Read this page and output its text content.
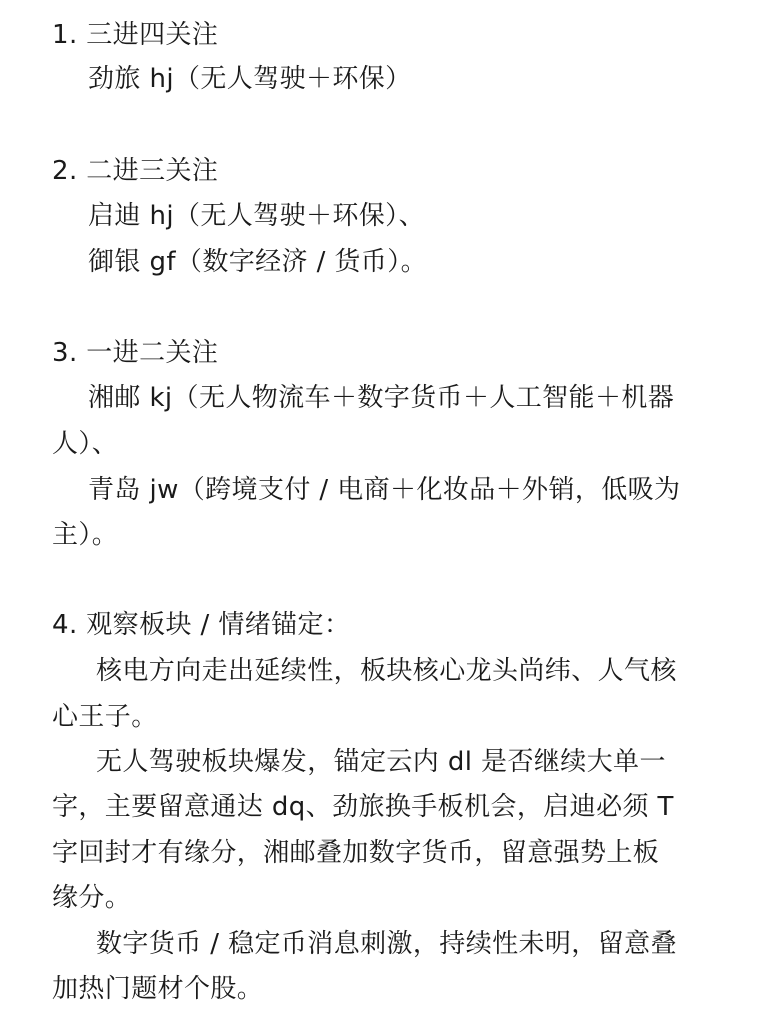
1. 三进四关注
劲旅 hj（无人驾驶＋环保）
2. 二进三关注
启迪 hj（无人驾驶＋环保）、
御银 gf（数字经济 / 货币）。
3. 一进二关注
湘邮 kj（无人物流车＋数字货币＋人工智能＋机器
人）、
青岛 jw（跨境支付 / 电商＋化妆品＋外销，低吸为
主）。
4. 观察板块 / 情绪锚定：
核电方向走出延续性，板块核心龙头尚纬、人气核
心王子。
无人驾驶板块爆发，锚定云内 dl 是否继续大单一
字，主要留意通达 dq、劲旅换手板机会，启迪必须 T
字回封才有缘分，湘邮叠加数字货币，留意强势上板
缘分。
数字货币 / 稳定币消息刺激，持续性未明，留意叠
加热门题材个股。
